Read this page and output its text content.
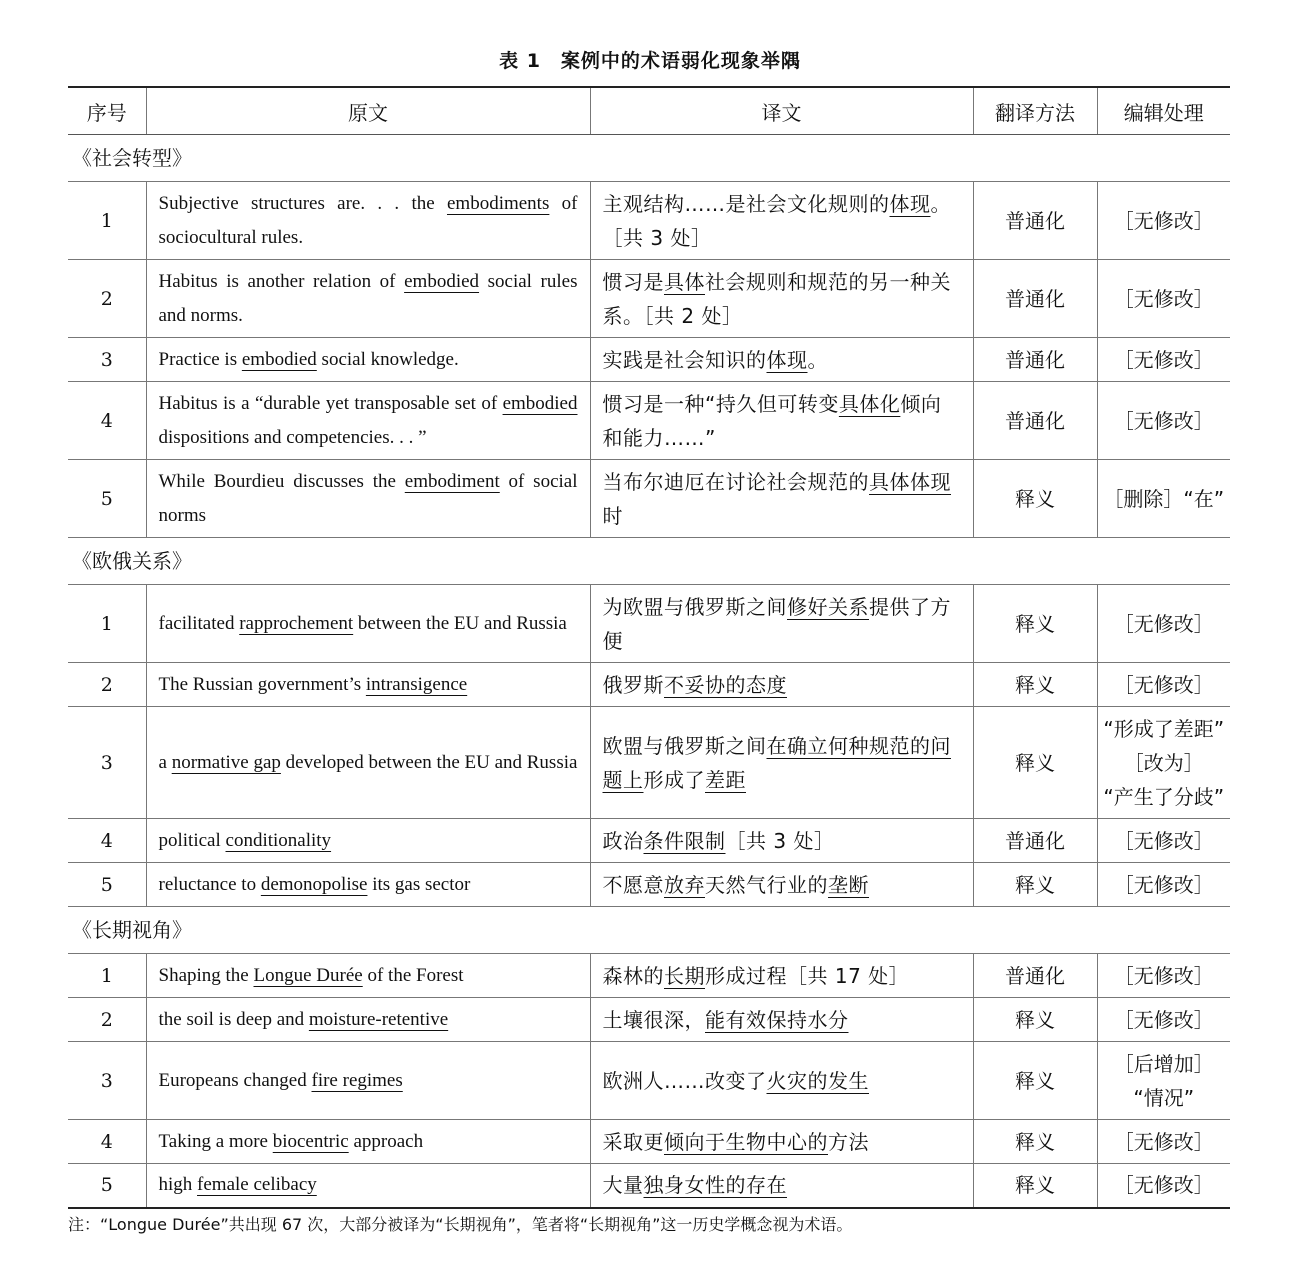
表 1　案例中的术语弱化现象举隅
序号	原文	译文	翻译方法	编辑处理
《社会转型》				
1	Subjective structures are. . . the embodiments of sociocultural rules.	主观结构……是社会文化规则的体现。［共 3 处］	普通化	［无修改］

2	Habitus is another relation of embodied social rules and norms.	惯习是具体社会规则和规范的另一种关系。［共 2 处］	普通化	［无修改］

3	Practice is embodied social knowledge.	实践是社会知识的体现。	普通化	［无修改］

4	Habitus is a “durable yet transposable set of embodied dispositions and competencies. . . ”	惯习是一种“持久但可转变具体化倾向和能力……”	普通化	［无修改］

5	While Bourdieu discusses the embodiment of social norms	当布尔迪厄在讨论社会规范的具体体现时	释义	［删除］“在”

《欧俄关系》				
1	facilitated rapprochement between the EU and Russia	为欧盟与俄罗斯之间修好关系提供了方便	释义	［无修改］

2	The Russian government’s intransigence	俄罗斯不妥协的态度	释义	［无修改］

3	a normative gap developed between the EU and Russia	欧盟与俄罗斯之间在确立何种规范的问题上形成了差距	释义	“形成了差距”
［改为］
“产生了分歧”

4	political conditionality	政治条件限制［共 3 处］	普通化	［无修改］

5	reluctance to demonopolise its gas sector	不愿意放弃天然气行业的垄断	释义	［无修改］

《长期视角》				
1	Shaping the Longue Durée of the Forest	森林的长期形成过程［共 17 处］	普通化	［无修改］

2	the soil is deep and moisture-retentive	土壤很深，能有效保持水分	释义	［无修改］

3	Europeans changed fire regimes	欧洲人……改变了火灾的发生	释义	［后增加］
“情况”

4	Taking a more biocentric approach	采取更倾向于生物中心的方法	释义	［无修改］

5	high female celibacy	大量独身女性的存在	释义	［无修改］
注：“Longue Durée”共出现 67 次，大部分被译为“长期视角”，笔者将“长期视角”这一历史学概念视为术语。
